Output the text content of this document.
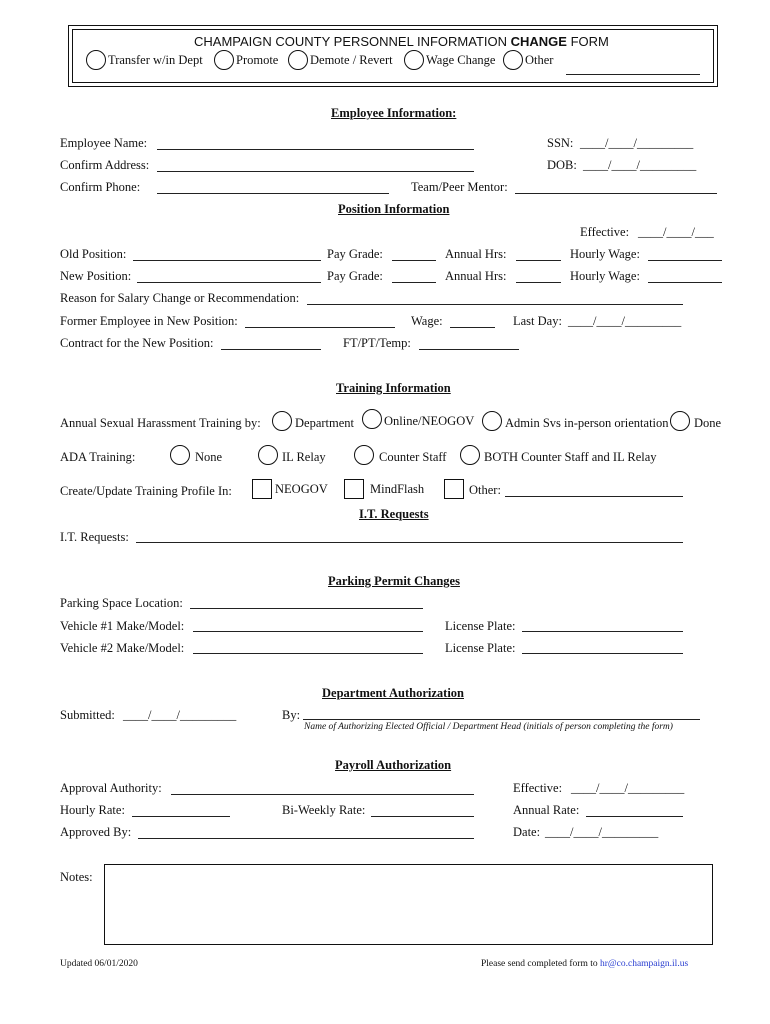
CHAMPAIGN COUNTY PERSONNEL INFORMATION CHANGE FORM
Transfer w/in Dept	Promote	Demote / Revert	Wage Change Other
Employee Information:
Employee Name:	SSN: ____/____/_________
Confirm Address:	DOB: ____/____/_________
Confirm Phone:	Team/Peer Mentor:
Position Information
Effective: ____/____/___
Old Position:	Pay Grade:	Annual Hrs:	Hourly Wage:
New Position:	Pay Grade:	Annual Hrs:	Hourly Wage:
Reason for Salary Change or Recommendation:
Former Employee in New Position:	Wage:	Last Day: ____/____/_________
Contract for the New Position:	FT/PT/Temp:
Training Information
Annual Sexual Harassment Training by:	Department Online/NEOGOV Admin Svs in-person orientation Done
ADA Training:	None	IL Relay	Counter Staff	BOTH Counter Staff and IL Relay
Create/Update Training Profile In:	NEOGOV	MindFlash	Other:
I.T. Requests
I.T. Requests:
Parking Permit Changes
Parking Space Location:
Vehicle #1 Make/Model:	License Plate:
Vehicle #2 Make/Model:	License Plate:
Department Authorization
Submitted: ____/____/_________	By:
Name of Authorizing Elected Official / Department Head (initials of person completing the form)
Payroll Authorization
Approval Authority:	Effective: ____/____/_________
Hourly Rate:	Bi-Weekly Rate:	Annual Rate:
Approved By:	Date: ____/____/_________
Notes:
Updated 06/01/2020	Please send completed form to hr@co.champaign.il.us
